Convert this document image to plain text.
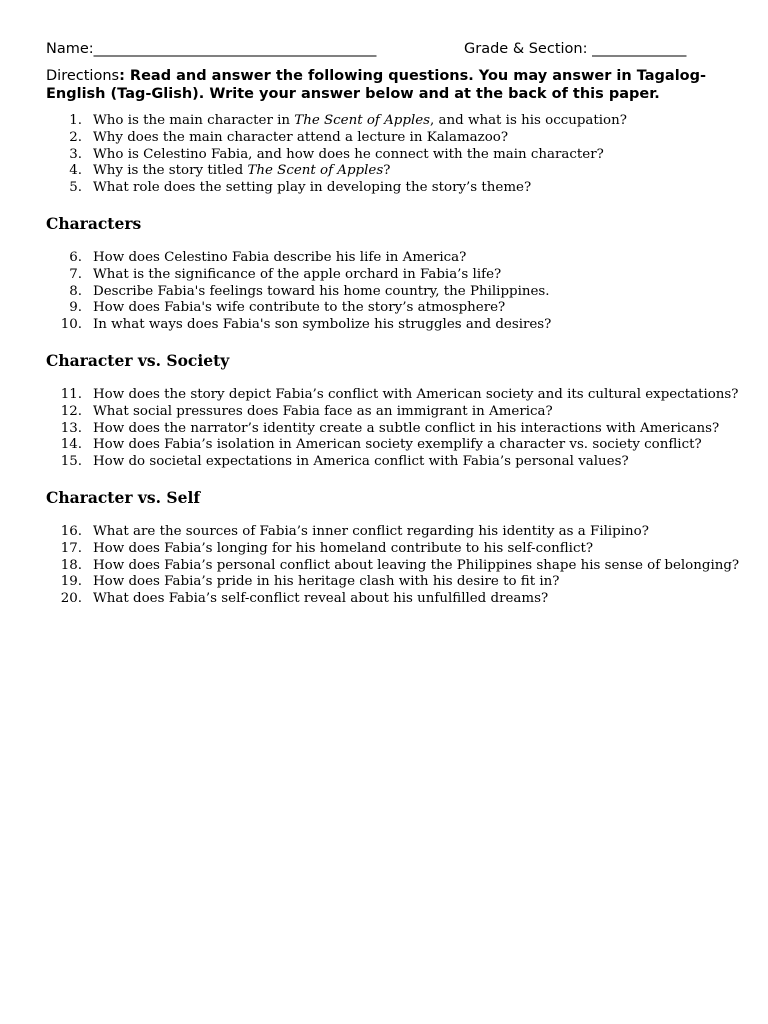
Name:_______________________________________	Grade & Section: _____________
Directions: Read and answer the following questions. You may answer in Tagalog-English (Tag-Glish). Write your answer below and at the back of this paper.
1. Who is the main character in The Scent of Apples, and what is his occupation?
2. Why does the main character attend a lecture in Kalamazoo?
3. Who is Celestino Fabia, and how does he connect with the main character?
4. Why is the story titled The Scent of Apples?
5. What role does the setting play in developing the story’s theme?
Characters
6. How does Celestino Fabia describe his life in America?
7. What is the significance of the apple orchard in Fabia’s life?
8. Describe Fabia's feelings toward his home country, the Philippines.
9. How does Fabia's wife contribute to the story’s atmosphere?
10. In what ways does Fabia's son symbolize his struggles and desires?
Character vs. Society
11. How does the story depict Fabia’s conflict with American society and its cultural expectations?
12. What social pressures does Fabia face as an immigrant in America?
13. How does the narrator’s identity create a subtle conflict in his interactions with Americans?
14. How does Fabia’s isolation in American society exemplify a character vs. society conflict?
15. How do societal expectations in America conflict with Fabia’s personal values?
Character vs. Self
16. What are the sources of Fabia’s inner conflict regarding his identity as a Filipino?
17. How does Fabia’s longing for his homeland contribute to his self-conflict?
18. How does Fabia’s personal conflict about leaving the Philippines shape his sense of belonging?
19. How does Fabia’s pride in his heritage clash with his desire to fit in?
20. What does Fabia’s self-conflict reveal about his unfulfilled dreams?
